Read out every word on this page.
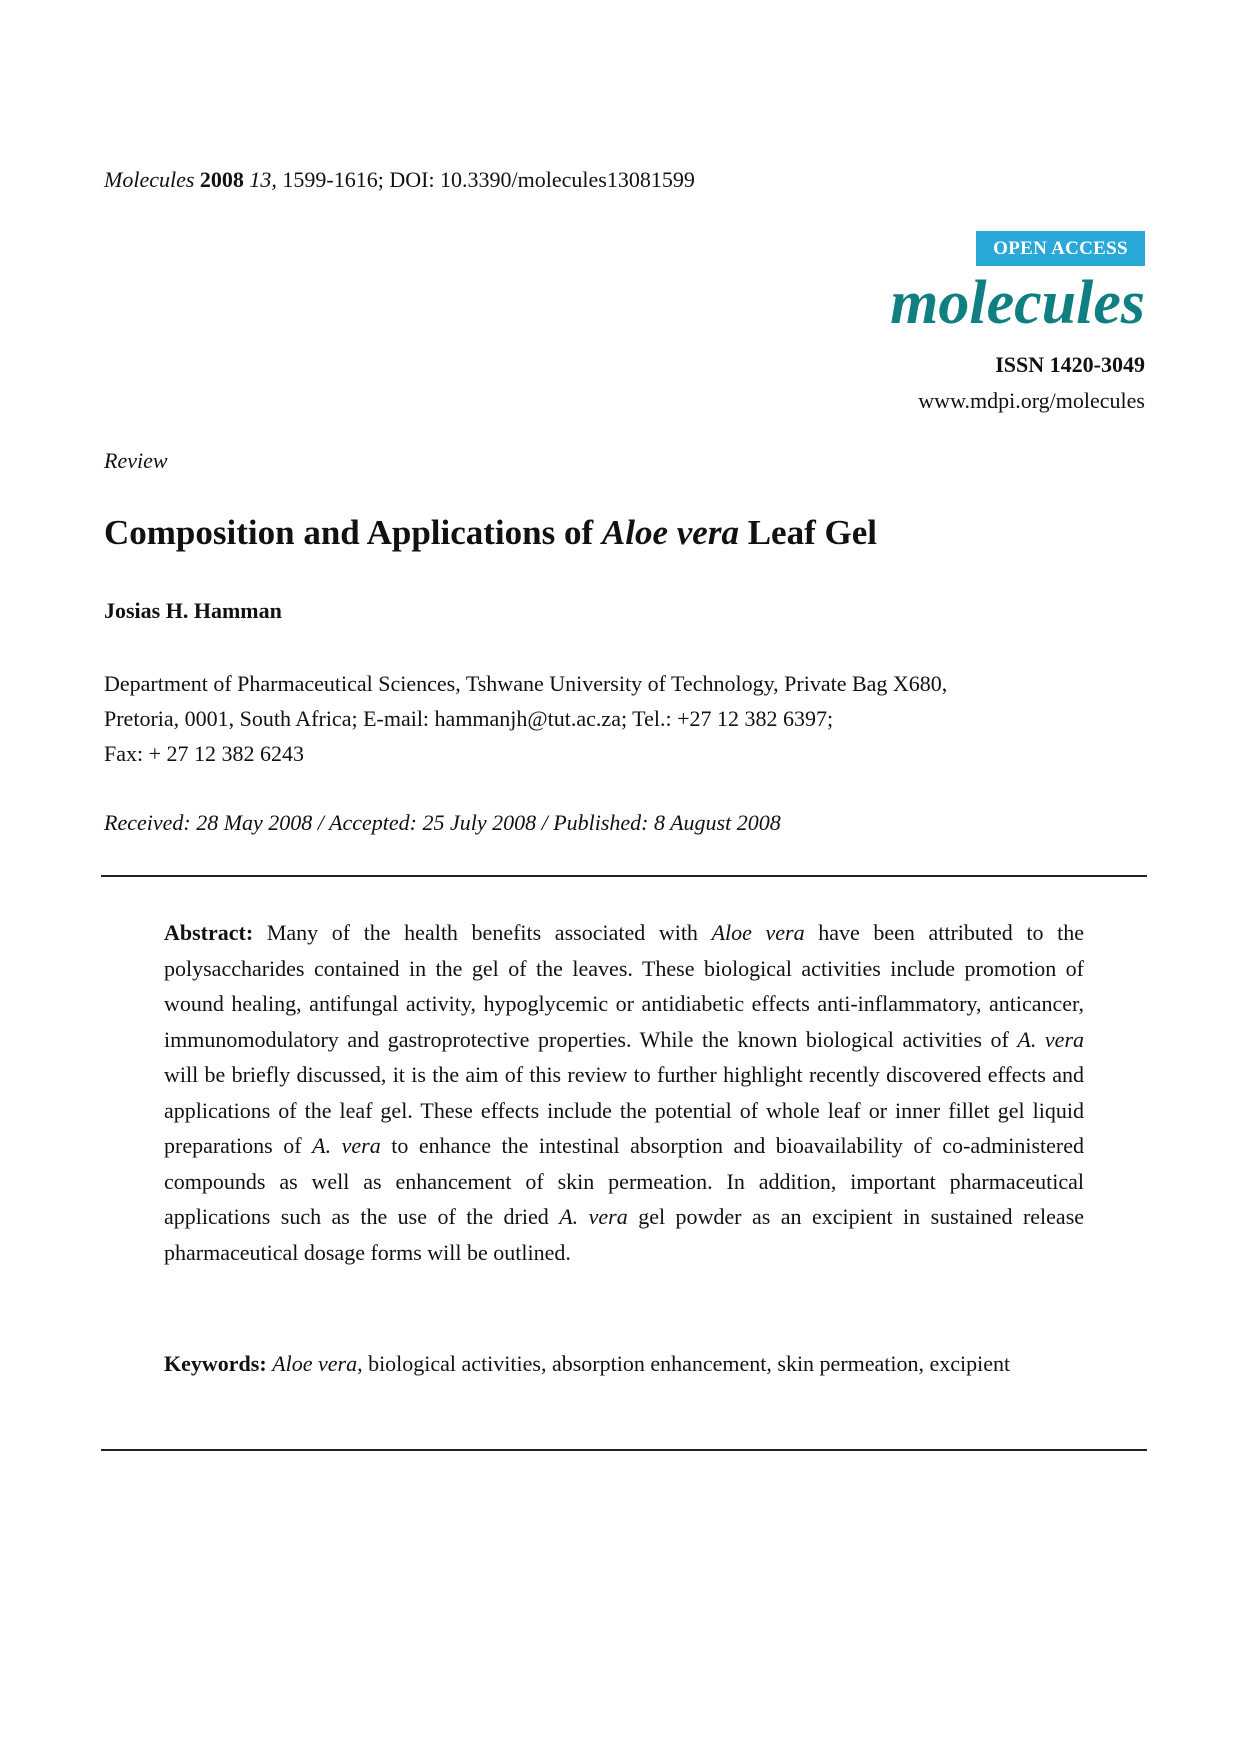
Molecules 2008 13, 1599-1616; DOI: 10.3390/molecules13081599
OPEN ACCESS
molecules
ISSN 1420-3049
www.mdpi.org/molecules
Review
Composition and Applications of Aloe vera Leaf Gel
Josias H. Hamman
Department of Pharmaceutical Sciences, Tshwane University of Technology, Private Bag X680,
Pretoria, 0001, South Africa; E-mail: hammanjh@tut.ac.za; Tel.: +27 12 382 6397;
Fax: + 27 12 382 6243
Received: 28 May 2008 / Accepted: 25 July 2008 / Published: 8 August 2008
Abstract: Many of the health benefits associated with Aloe vera have been attributed to the polysaccharides contained in the gel of the leaves. These biological activities include promotion of wound healing, antifungal activity, hypoglycemic or antidiabetic effects anti-inflammatory, anticancer, immunomodulatory and gastroprotective properties. While the known biological activities of A. vera will be briefly discussed, it is the aim of this review to further highlight recently discovered effects and applications of the leaf gel. These effects include the potential of whole leaf or inner fillet gel liquid preparations of A. vera to enhance the intestinal absorption and bioavailability of co-administered compounds as well as enhancement of skin permeation. In addition, important pharmaceutical applications such as the use of the dried A. vera gel powder as an excipient in sustained release pharmaceutical dosage forms will be outlined.
Keywords: Aloe vera, biological activities, absorption enhancement, skin permeation, excipient
